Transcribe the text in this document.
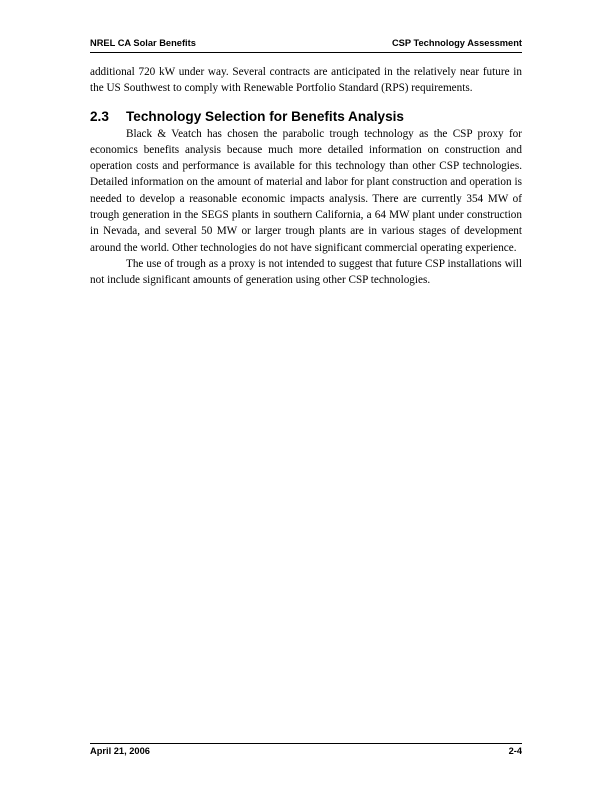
NREL CA Solar Benefits	CSP Technology Assessment

additional 720 kW under way. Several contracts are anticipated in the relatively near future in the US Southwest to comply with Renewable Portfolio Standard (RPS) requirements.

2.3 Technology Selection for Benefits Analysis

Black & Veatch has chosen the parabolic trough technology as the CSP proxy for economics benefits analysis because much more detailed information on construction and operation costs and performance is available for this technology than other CSP technologies. Detailed information on the amount of material and labor for plant construction and operation is needed to develop a reasonable economic impacts analysis. There are currently 354 MW of trough generation in the SEGS plants in southern California, a 64 MW plant under construction in Nevada, and several 50 MW or larger trough plants are in various stages of development around the world. Other technologies do not have significant commercial operating experience.

The use of trough as a proxy is not intended to suggest that future CSP installations will not include significant amounts of generation using other CSP technologies.

April 21, 2006	2-4
